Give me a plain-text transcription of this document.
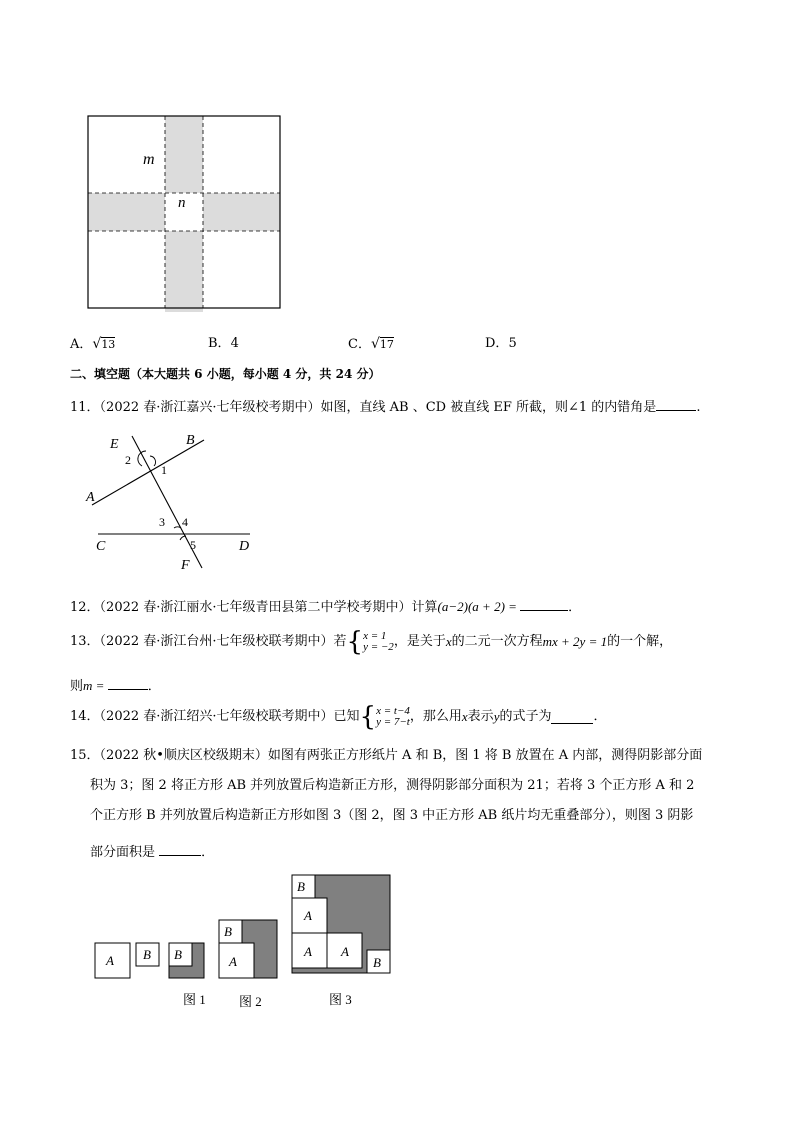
m
n
A．√13	B．4	C．√17	D．5
二、填空题（本大题共 6 小题，每小题 4 分，共 24 分）
11．（2022 春·浙江嘉兴·七年级校考期中）如图，直线 AB 、CD 被直线 EF 所截，则∠1 的内错角是	.
E	B
A
C	D
F
2
1
3 4
5
12．（2022 春·浙江丽水·七年级青田县第二中学校考期中）计算(a−2)(a + 2) =	．
13．（2022 春·浙江台州·七年级校联考期中）若 { x = 1
y = −2 ，是关于 x 的二元一次方程 mx + 2y = 1 的一个解，
则m =	．
14．（2022 春·浙江绍兴·七年级校联考期中）已知 { x = t−4
y = 7−t ，那么用 x 表示 y 的式子为	．
15．（2022 秋•顺庆区校级期末）如图有两张正方形纸片 A 和 B，图 1 将 B 放置在 A 内部，测得阴影部分面
积为 3；图 2 将正方形 AB 并列放置后构造新正方形，测得阴影部分面积为 21；若将 3 个正方形 A 和 2
个正方形 B 并列放置后构造新正方形如图 3（图 2，图 3 中正方形 AB 纸片均无重叠部分），则图 3 阴影
部分面积是	．
A B B
B
A
B
A
A A
B
图 1	图 2	图 3
